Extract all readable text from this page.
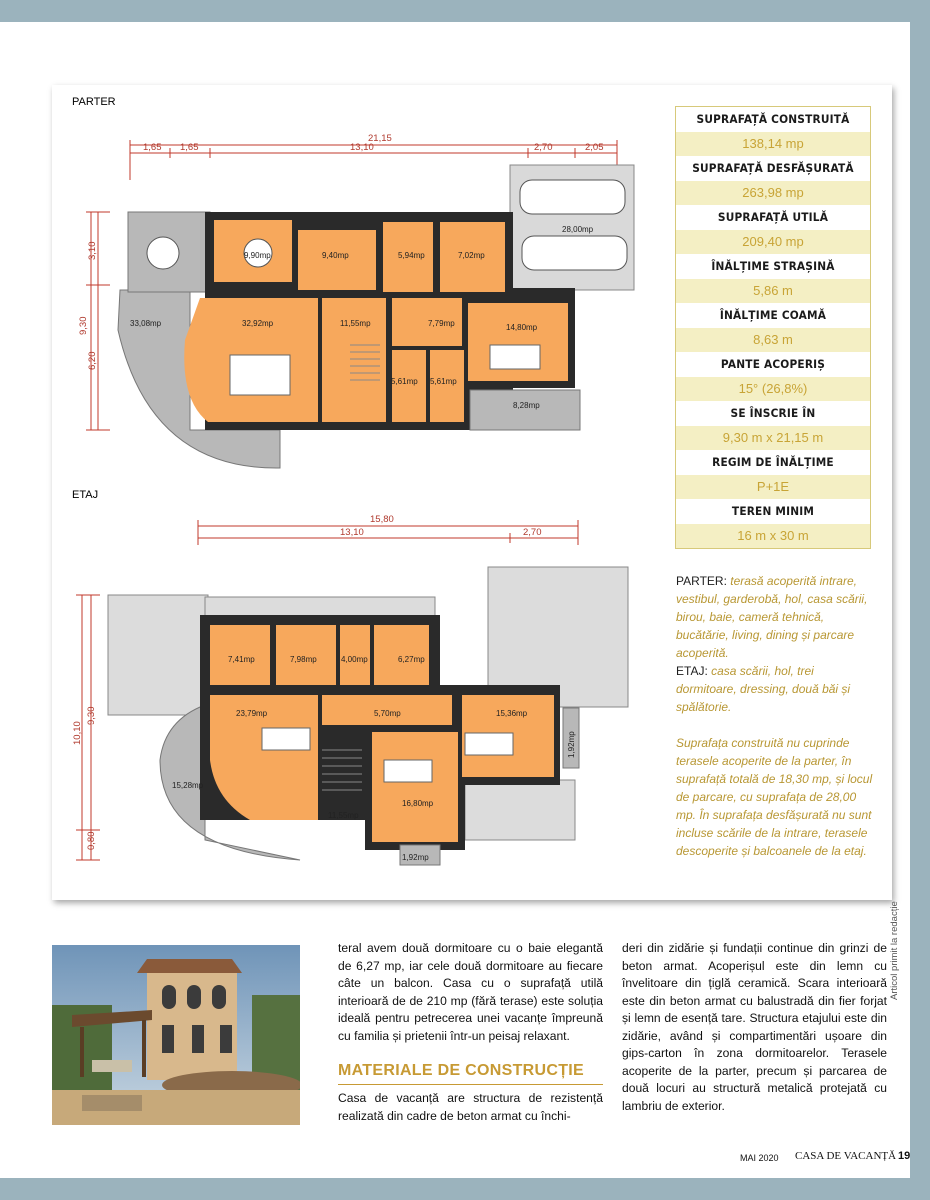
PARTER
ETAJ
21,15
1,65 1,65	13,10	2,70	2,05
9,30
3,10
6,20
28,00mp
9,90mp	9,40mp	5,94mp	7,02mp
33,08mp	32,92mp	11,55mp	7,79mp	14,80mp
5,61mp 5,61mp
8,28mp
15,80
13,10	2,70
10,10
9,30
0,80
7,41mp	7,98mp	4,00mp	6,27mp
23,79mp	5,70mp	15,36mp
1,92mp
15,28mp
11,55mp
16,80mp
1,92mp
SUPRAFAȚĂ CONSTRUITĂ
138,14 mp
SUPRAFAȚĂ DESFĂȘURATĂ
263,98 mp
SUPRAFAȚĂ UTILĂ
209,40 mp
ÎNĂLȚIME STRAȘINĂ
5,86 m
ÎNĂLȚIME COAMĂ
8,63 m
PANTE ACOPERIȘ
15° (26,8%)
SE ÎNSCRIE ÎN
9,30 m x 21,15 m
REGIM DE ÎNĂLȚIME
P+1E
TEREN MINIM
16 m x 30 m
PARTER: terasă acoperită intrare, vestibul, garderobă, hol, casa scării, birou, baie, cameră tehnică, bucătărie, living, dining și parcare acoperită.
ETAJ: casa scării, hol, trei dormitoare, dressing, două băi și spălătorie.

Suprafața construită nu cuprinde terasele acoperite de la parter, în suprafață totală de 18,30 mp, și locul de parcare, cu suprafața de 28,00 mp. În suprafața desfășurată nu sunt incluse scările de la intrare, terasele descoperite și balcoanele de la etaj.
teral avem două dormitoare cu o baie elegantă de 6,27 mp, iar cele două dormitoare au fiecare câte un balcon. Casa cu o suprafață utilă interioară de de 210 mp (fără terase) este soluția ideală pentru petrecerea unei vacanțe împreună cu familia și prietenii într-un peisaj relaxant.
MATERIALE DE CONSTRUCȚIE
Casa de vacanță are structura de rezistență realizată din cadre de beton armat cu închi-
deri din zidărie și fundații continue din grinzi de beton armat. Acoperișul este din lemn cu învelitoare din țiglă ceramică. Scara interioară este din beton armat cu balustradă din fier forjat și lemn de esență tare. Structura etajului este din zidărie, având și compartimentări ușoare din gips-carton în zona dormitoarelor. Terasele acoperite de la parter, precum și parcarea de două locuri au structură metalică protejată cu lambriu de exterior.
Articol primit la redacție
MAI 2020 CASA DE VACANȚĂ 19
